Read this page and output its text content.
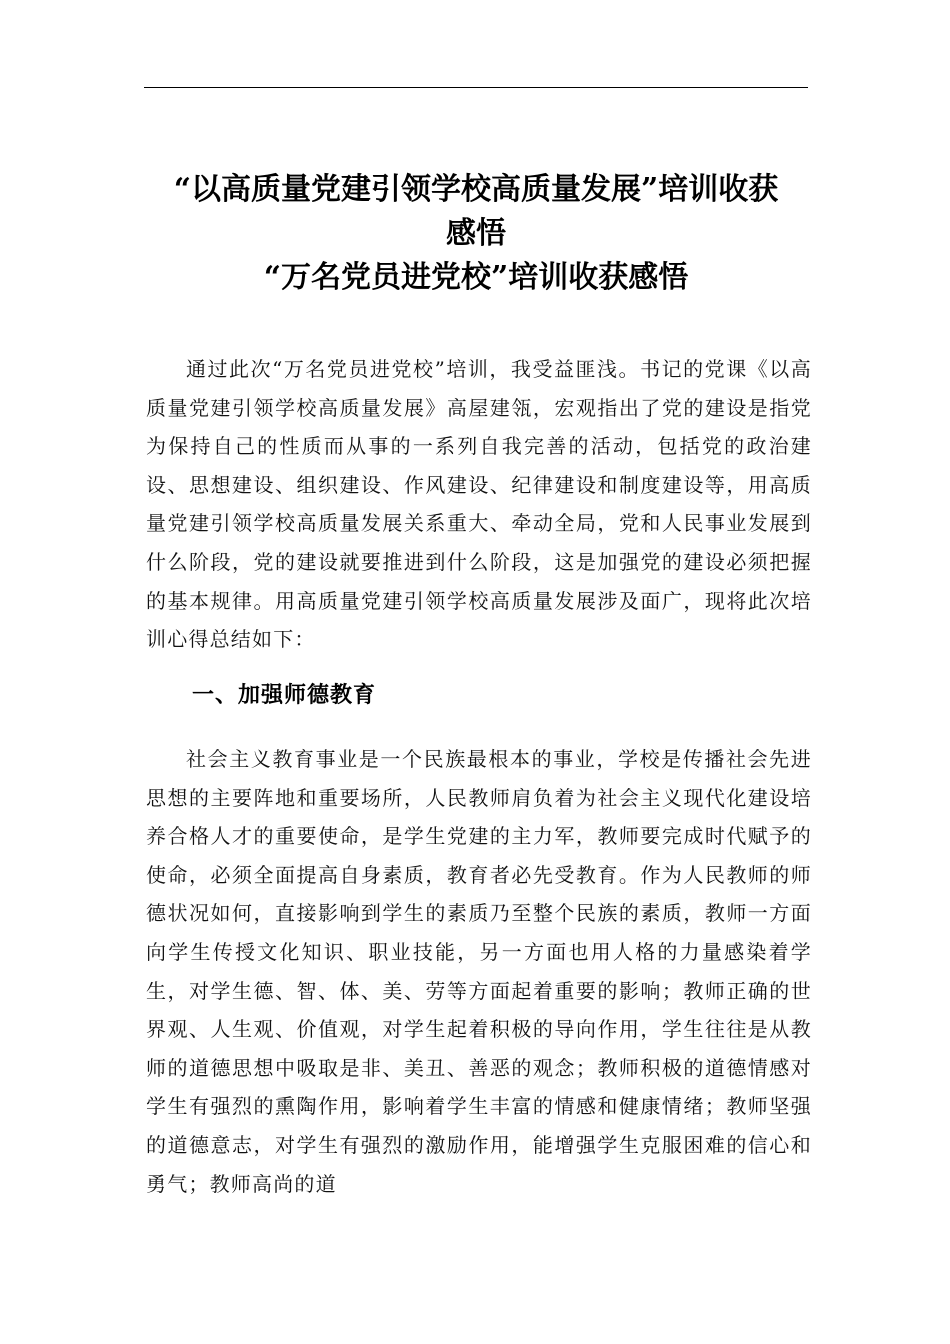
“以高质量党建引领学校高质量发展”培训收获
感悟
“万名党员进党校”培训收获感悟

通过此次“万名党员进党校”培训，我受益匪浅。书记的党课《以高质量党建引领学校高质量发展》高屋建瓴，宏观指出了党的建设是指党为保持自己的性质而从事的一系列自我完善的活动，包括党的政治建设、思想建设、组织建设、作风建设、纪律建设和制度建设等，用高质量党建引领学校高质量发展关系重大、牵动全局，党和人民事业发展到什么阶段，党的建设就要推进到什么阶段，这是加强党的建设必须把握的基本规律。用高质量党建引领学校高质量发展涉及面广，现将此次培训心得总结如下：

一、加强师德教育

社会主义教育事业是一个民族最根本的事业，学校是传播社会先进思想的主要阵地和重要场所，人民教师肩负着为社会主义现代化建设培养合格人才的重要使命，是学生党建的主力军，教师要完成时代赋予的使命，必须全面提高自身素质，教育者必先受教育。作为人民教师的师德状况如何，直接影响到学生的素质乃至整个民族的素质，教师一方面向学生传授文化知识、职业技能，另一方面也用人格的力量感染着学生，对学生德、智、体、美、劳等方面起着重要的影响；教师正确的世界观、人生观、价值观，对学生起着积极的导向作用，学生往往是从教师的道德思想中吸取是非、美丑、善恶的观念；教师积极的道德情感对学生有强烈的熏陶作用，影响着学生丰富的情感和健康情绪；教师坚强的道德意志，对学生有强烈的激励作用，能增强学生克服困难的信心和勇气；教师高尚的道
